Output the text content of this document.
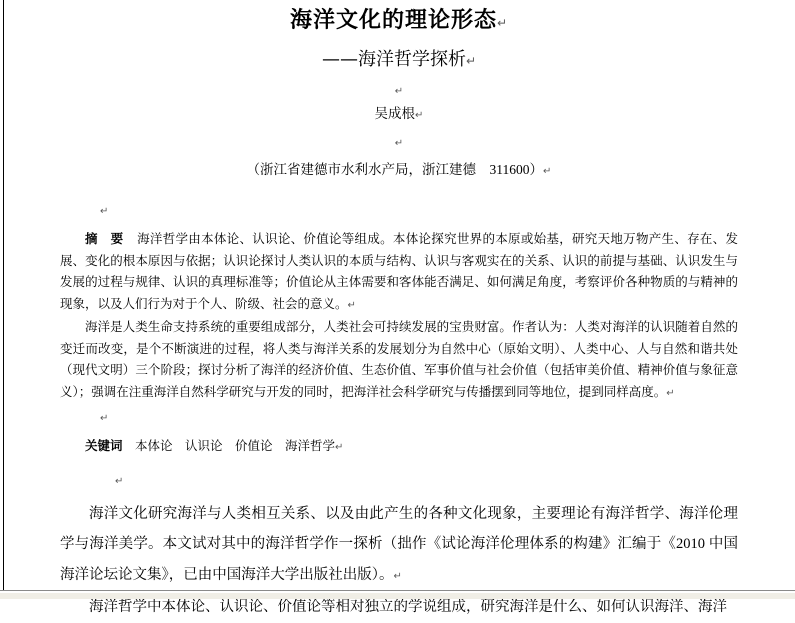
海洋文化的理论形态↵
——海洋哲学探析↵
↵
吴成根↵
↵
（浙江省建德市水利水产局，浙江建德　311600）↵
↵

摘　要 海洋哲学由本体论、认识论、价值论等组成。本体论探究世界的本原或始基，研究天地万物产生、存在、发展、变化的根本原因与依据；认识论探讨人类认识的本质与结构、认识与客观实在的关系、认识的前提与基础、认识发生与发展的过程与规律、认识的真理标准等；价值论从主体需要和客体能否满足、如何满足角度，考察评价各种物质的与精神的现象，以及人们行为对于个人、阶级、社会的意义。↵

海洋是人类生命支持系统的重要组成部分，人类社会可持续发展的宝贵财富。作者认为：人类对海洋的认识随着自然的变迁而改变，是个不断演进的过程，将人类与海洋关系的发展划分为自然中心（原始文明）、人类中心、人与自然和谐共处（现代文明）三个阶段；探讨分析了海洋的经济价值、生态价值、军事价值与社会价值（包括审美价值、精神价值与象征意义）；强调在注重海洋自然科学研究与开发的同时，把海洋社会科学研究与传播摆到同等地位，提到同样高度。↵

↵
关键词 本体论　认识论　价值论　海洋哲学↵
↵

海洋文化研究海洋与人类相互关系、以及由此产生的各种文化现象，主要理论有海洋哲学、海洋伦理学与海洋美学。本文试对其中的海洋哲学作一探析（拙作《试论海洋伦理体系的构建》汇编于《2010 中国海洋论坛论文集》，已由中国海洋大学出版社出版）。↵

海洋哲学中本体论、认识论、价值论等相对独立的学说组成，研究海洋是什么、如何认识海洋、海洋
